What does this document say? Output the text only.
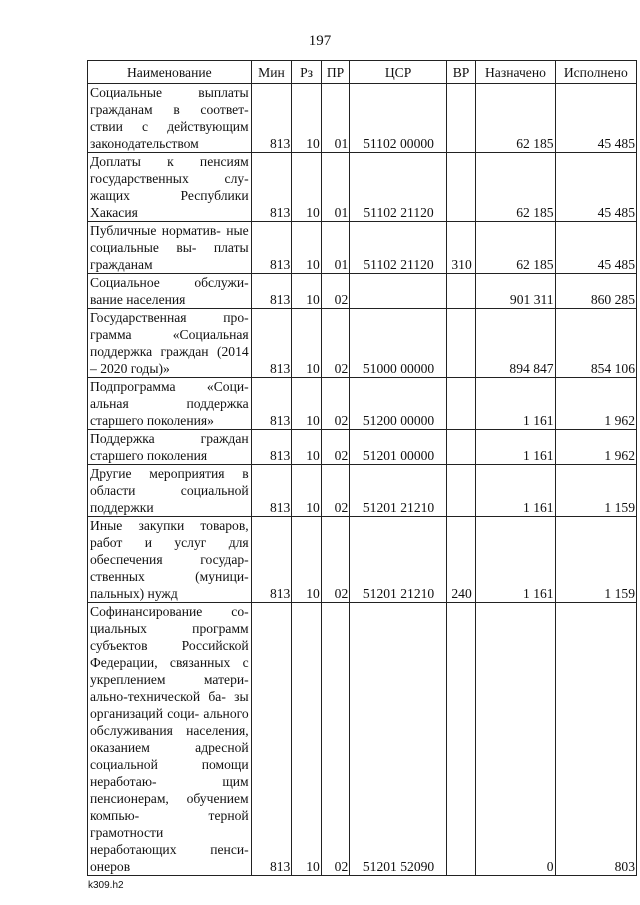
197
Наименование	Мин	Рз	ПР	ЦСР	ВР	Назначено	Исполнено
Социальные выплаты гражданам в соответ- ствии с действующим законодательством	813	10	01	51102 00000		62 185	45 485
Доплаты к пенсиям государственных слу- жащих Республики Хакасия	813	10	01	51102 21120		62 185	45 485
Публичные норматив- ные социальные вы- платы гражданам	813	10	01	51102 21120	310	62 185	45 485
Социальное обслужи- вание населения	813	10	02			901 311	860 285
Государственная про- грамма «Социальная поддержка граждан (2014 – 2020 годы)»	813	10	02	51000 00000		894 847	854 106
Подпрограмма «Соци- альная поддержка старшего поколения»	813	10	02	51200 00000		1 161	1 962
Поддержка граждан старшего поколения	813	10	02	51201 00000		1 161	1 962
Другие мероприятия в области социальной поддержки	813	10	02	51201 21210		1 161	1 159
Иные закупки товаров, работ и услуг для обеспечения государ- ственных (муници- пальных) нужд	813	10	02	51201 21210	240	1 161	1 159
Софинансирование со- циальных программ субъектов Российской Федерации, связанных с укреплением матери- ально-технической ба- зы организаций соци- ального обслуживания населения, оказанием адресной социальной помощи неработаю- щим пенсионерам, обучением компью- терной грамотности неработающих пенси- онеров	813	10	02	51201 52090		0	803
k309.h2
